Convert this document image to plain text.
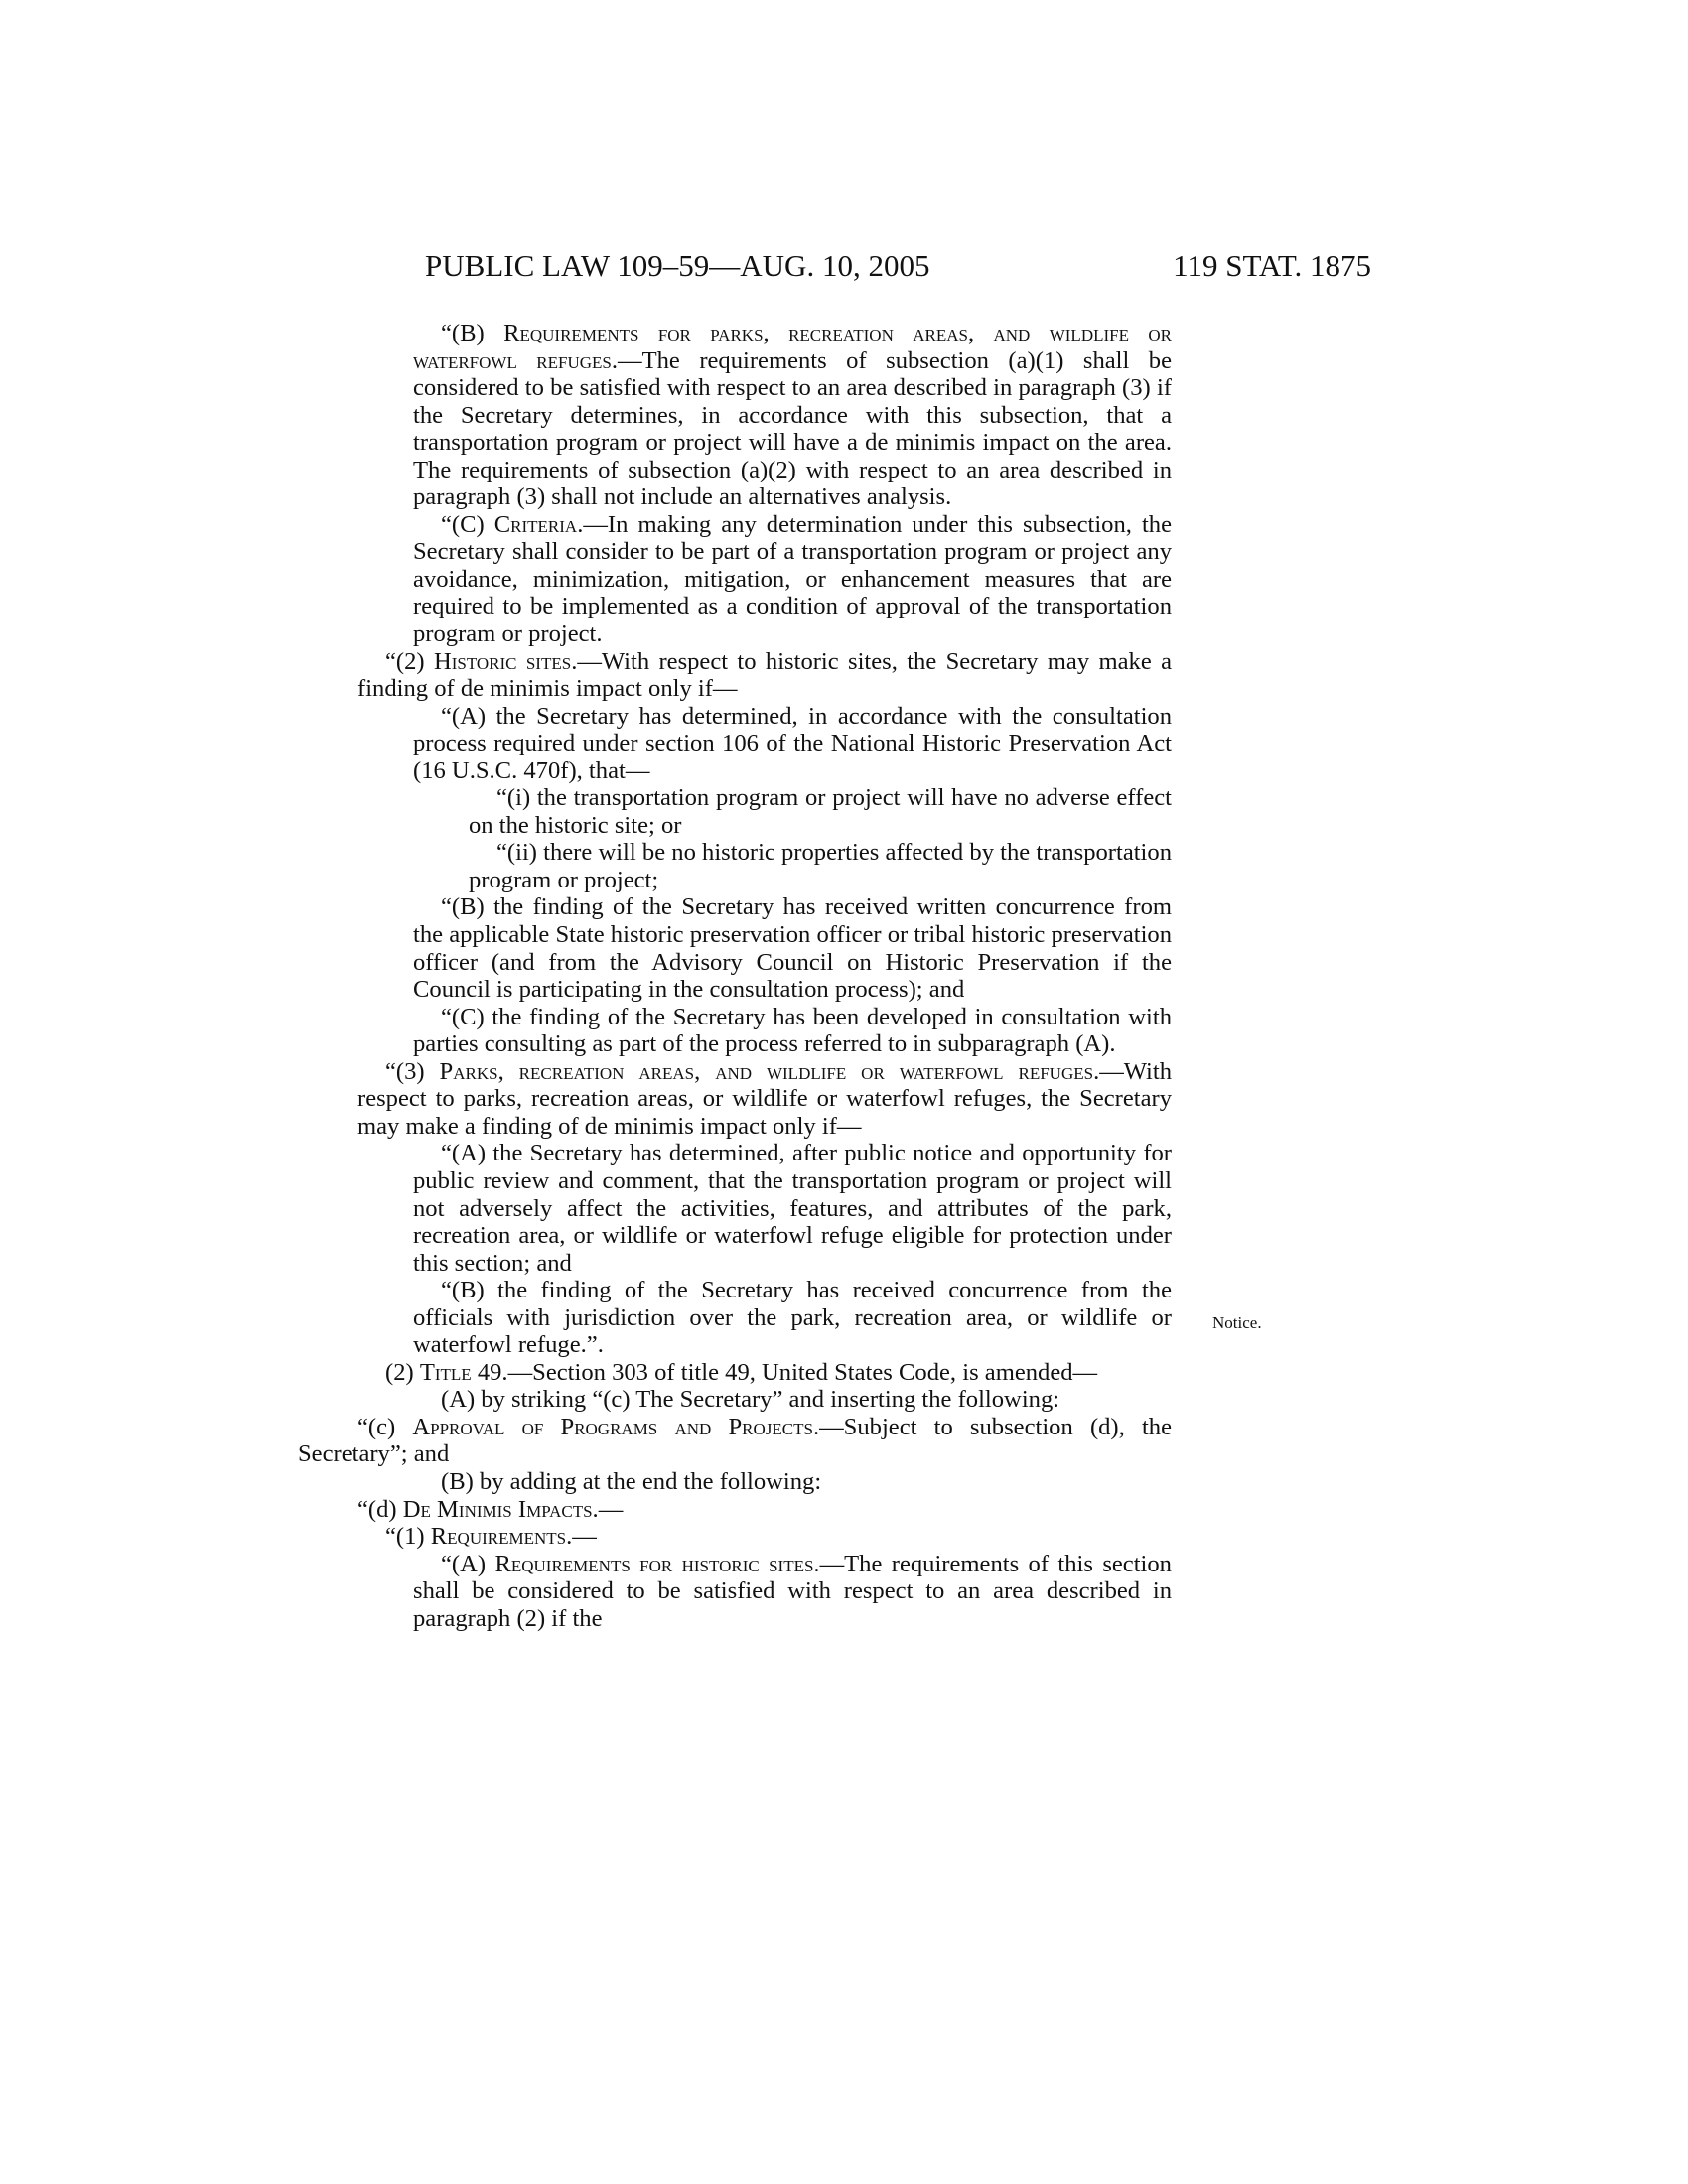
PUBLIC LAW 109–59—AUG. 10, 2005	119 STAT. 1875
Notice.

“(B) Requirements for parks, recreation areas, and wildlife or waterfowl refuges.—The requirements of subsection (a)(1) shall be considered to be satisfied with respect to an area described in paragraph (3) if the Secretary determines, in accordance with this subsection, that a transportation program or project will have a de minimis impact on the area. The requirements of subsection (a)(2) with respect to an area described in paragraph (3) shall not include an alternatives analysis.

“(C) Criteria.—In making any determination under this subsection, the Secretary shall consider to be part of a transportation program or project any avoidance, minimization, mitigation, or enhancement measures that are required to be implemented as a condition of approval of the transportation program or project.

“(2) Historic sites.—With respect to historic sites, the Secretary may make a finding of de minimis impact only if—

“(A) the Secretary has determined, in accordance with the consultation process required under section 106 of the National Historic Preservation Act (16 U.S.C. 470f), that—

“(i) the transportation program or project will have no adverse effect on the historic site; or

“(ii) there will be no historic properties affected by the transportation program or project;

“(B) the finding of the Secretary has received written concurrence from the applicable State historic preservation officer or tribal historic preservation officer (and from the Advisory Council on Historic Preservation if the Council is participating in the consultation process); and

“(C) the finding of the Secretary has been developed in consultation with parties consulting as part of the process referred to in subparagraph (A).

“(3) Parks, recreation areas, and wildlife or waterfowl refuges.—With respect to parks, recreation areas, or wildlife or waterfowl refuges, the Secretary may make a finding of de minimis impact only if—

“(A) the Secretary has determined, after public notice and opportunity for public review and comment, that the transportation program or project will not adversely affect the activities, features, and attributes of the park, recreation area, or wildlife or waterfowl refuge eligible for protection under this section; and

“(B) the finding of the Secretary has received concurrence from the officials with jurisdiction over the park, recreation area, or wildlife or waterfowl refuge.”.

(2) Title 49.—Section 303 of title 49, United States Code, is amended—

(A) by striking “(c) The Secretary” and inserting the following:

“(c) Approval of Programs and Projects.—Subject to subsection (d), the Secretary”; and

(B) by adding at the end the following:

“(d) De Minimis Impacts.—

“(1) Requirements.—

“(A) Requirements for historic sites.—The requirements of this section shall be considered to be satisfied with respect to an area described in paragraph (2) if the
